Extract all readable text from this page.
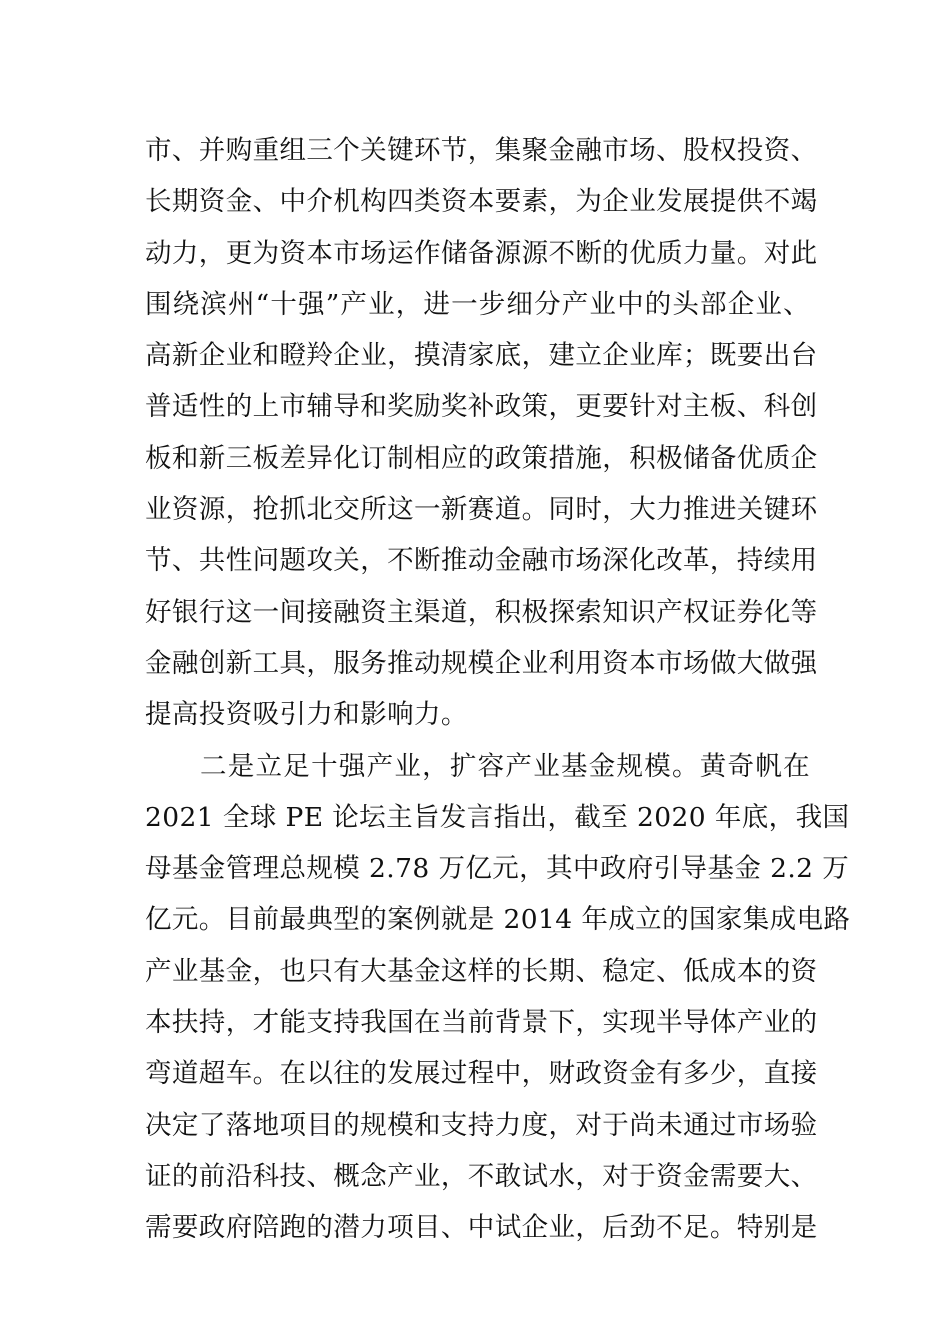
市、并购重组三个关键环节，集聚金融市场、股权投资、
长期资金、中介机构四类资本要素，为企业发展提供不竭
动力，更为资本市场运作储备源源不断的优质力量。对此
围绕滨州“十强”产业，进一步细分产业中的头部企业、
高新企业和瞪羚企业，摸清家底，建立企业库；既要出台
普适性的上市辅导和奖励奖补政策，更要针对主板、科创
板和新三板差异化订制相应的政策措施，积极储备优质企
业资源，抢抓北交所这一新赛道。同时，大力推进关键环
节、共性问题攻关，不断推动金融市场深化改革，持续用
好银行这一间接融资主渠道，积极探索知识产权证券化等
金融创新工具，服务推动规模企业利用资本市场做大做强
提高投资吸引力和影响力。
二是立足十强产业，扩容产业基金规模。黄奇帆在
2021 全球 PE 论坛主旨发言指出，截至 2020 年底，我国
母基金管理总规模 2.78 万亿元，其中政府引导基金 2.2 万
亿元。目前最典型的案例就是 2014 年成立的国家集成电路
产业基金，也只有大基金这样的长期、稳定、低成本的资
本扶持，才能支持我国在当前背景下，实现半导体产业的
弯道超车。在以往的发展过程中，财政资金有多少，直接
决定了落地项目的规模和支持力度，对于尚未通过市场验
证的前沿科技、概念产业，不敢试水，对于资金需要大、
需要政府陪跑的潜力项目、中试企业，后劲不足。特别是
